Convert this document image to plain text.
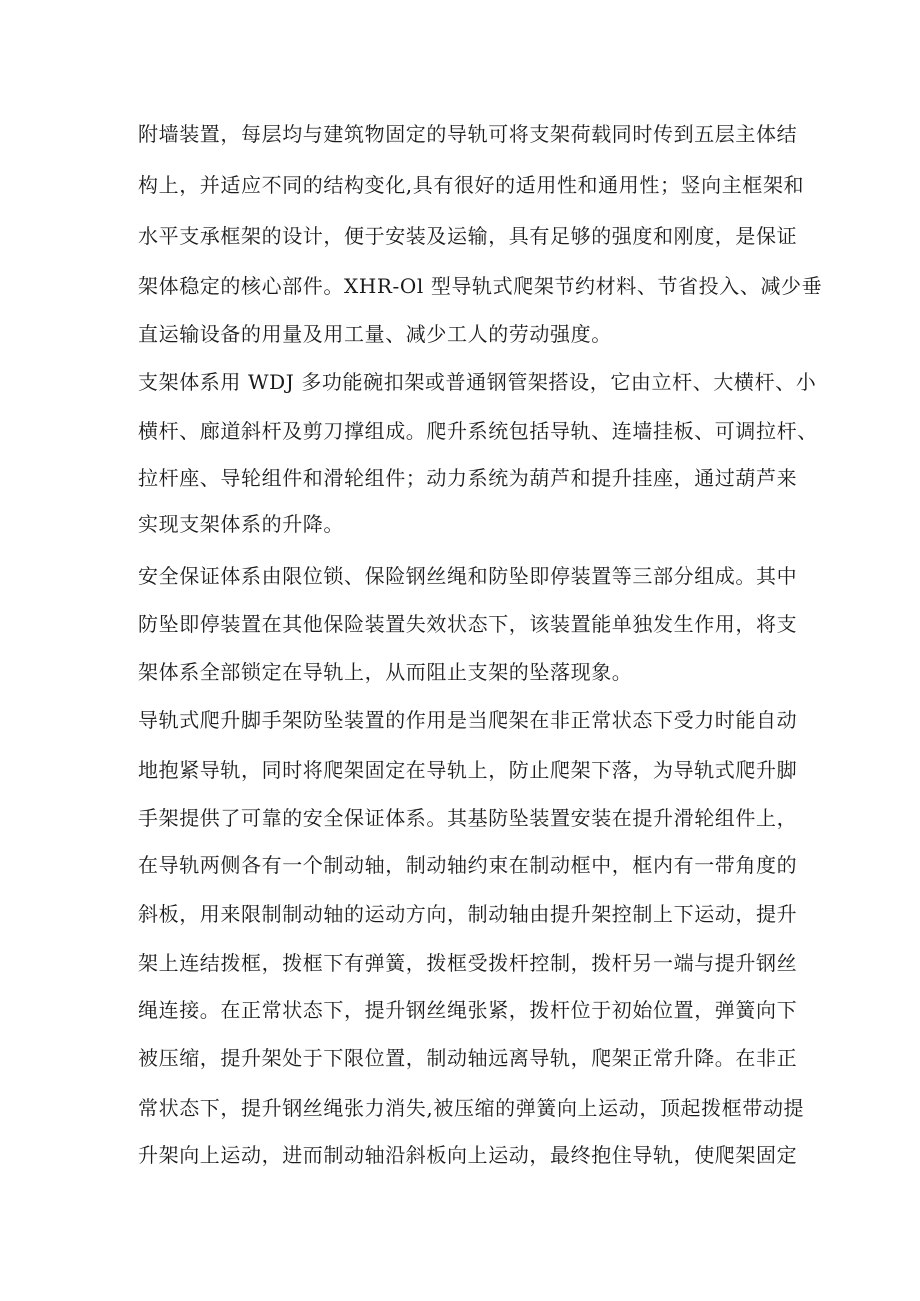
附墙装置，每层均与建筑物固定的导轨可将支架荷载同时传到五层主体结
构上，并适应不同的结构变化,具有很好的适用性和通用性；竖向主框架和
水平支承框架的设计，便于安装及运输，具有足够的强度和刚度，是保证
架体稳定的核心部件。XHR-Ol 型导轨式爬架节约材料、节省投入、减少垂
直运输设备的用量及用工量、减少工人的劳动强度。
支架体系用 WDJ 多功能碗扣架或普通钢管架搭设，它由立杆、大横杆、小
横杆、廊道斜杆及剪刀撑组成。爬升系统包括导轨、连墙挂板、可调拉杆、
拉杆座、导轮组件和滑轮组件；动力系统为葫芦和提升挂座，通过葫芦来
实现支架体系的升降。
安全保证体系由限位锁、保险钢丝绳和防坠即停装置等三部分组成。其中
防坠即停装置在其他保险装置失效状态下，该装置能单独发生作用，将支
架体系全部锁定在导轨上，从而阻止支架的坠落现象。
导轨式爬升脚手架防坠装置的作用是当爬架在非正常状态下受力时能自动
地抱紧导轨，同时将爬架固定在导轨上，防止爬架下落，为导轨式爬升脚
手架提供了可靠的安全保证体系。其基防坠装置安装在提升滑轮组件上，
在导轨两侧各有一个制动轴，制动轴约束在制动框中，框内有一带角度的
斜板，用来限制制动轴的运动方向，制动轴由提升架控制上下运动，提升
架上连结拨框，拨框下有弹簧，拨框受拨杆控制，拨杆另一端与提升钢丝
绳连接。在正常状态下，提升钢丝绳张紧，拨杆位于初始位置，弹簧向下
被压缩，提升架处于下限位置，制动轴远离导轨，爬架正常升降。在非正
常状态下，提升钢丝绳张力消失,被压缩的弹簧向上运动，顶起拨框带动提
升架向上运动，进而制动轴沿斜板向上运动，最终抱住导轨，使爬架固定
